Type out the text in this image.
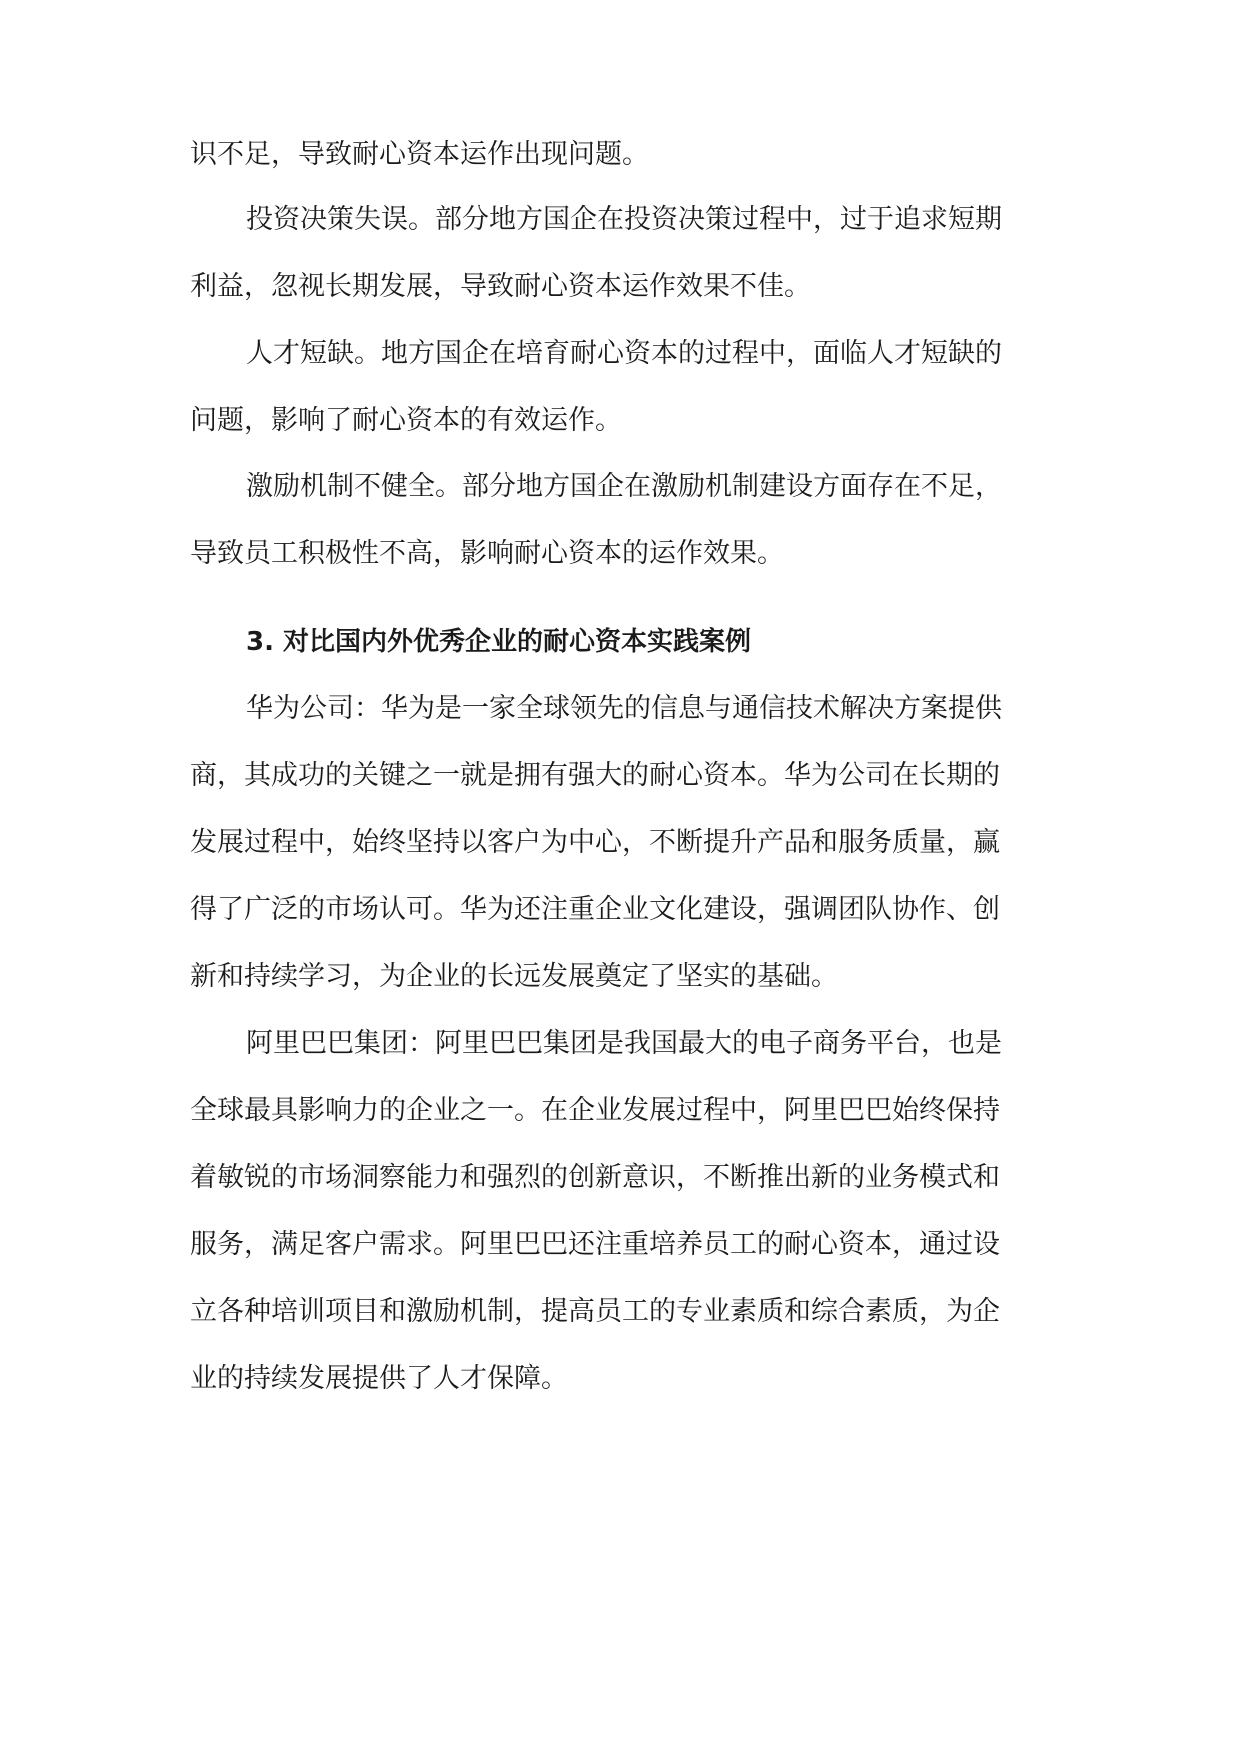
识不足，导致耐心资本运作出现问题。
投资决策失误。部分地方国企在投资决策过程中，过于追求短期
利益，忽视长期发展，导致耐心资本运作效果不佳。
人才短缺。地方国企在培育耐心资本的过程中，面临人才短缺的
问题，影响了耐心资本的有效运作。
激励机制不健全。部分地方国企在激励机制建设方面存在不足，
导致员工积极性不高，影响耐心资本的运作效果。
3. 对比国内外优秀企业的耐心资本实践案例
华为公司：华为是一家全球领先的信息与通信技术解决方案提供
商，其成功的关键之一就是拥有强大的耐心资本。华为公司在长期的
发展过程中，始终坚持以客户为中心，不断提升产品和服务质量，赢
得了广泛的市场认可。华为还注重企业文化建设，强调团队协作、创
新和持续学习，为企业的长远发展奠定了坚实的基础。
阿里巴巴集团：阿里巴巴集团是我国最大的电子商务平台，也是
全球最具影响力的企业之一。在企业发展过程中，阿里巴巴始终保持
着敏锐的市场洞察能力和强烈的创新意识，不断推出新的业务模式和
服务，满足客户需求。阿里巴巴还注重培养员工的耐心资本，通过设
立各种培训项目和激励机制，提高员工的专业素质和综合素质，为企
业的持续发展提供了人才保障。
